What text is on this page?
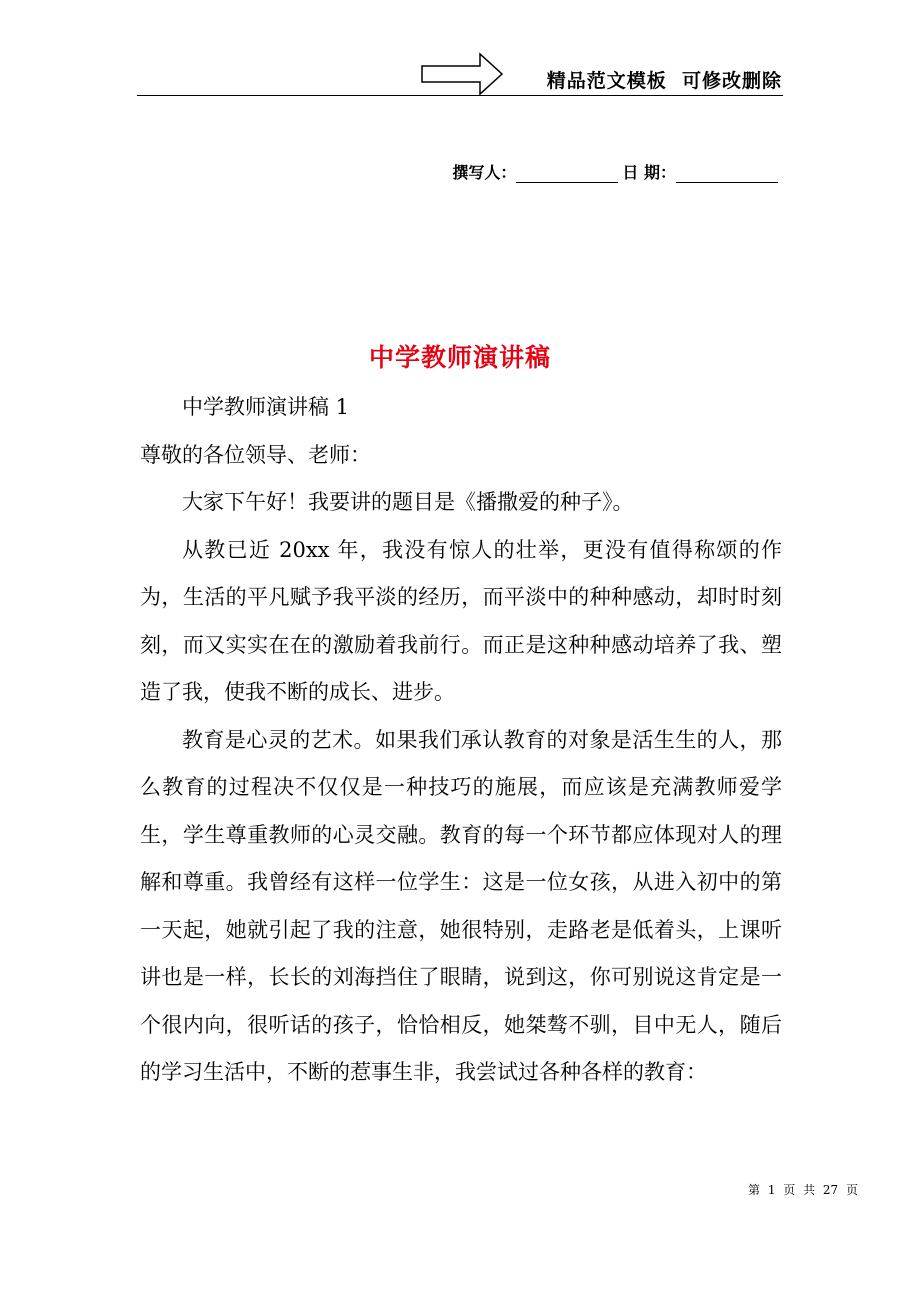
精品范文模板  可修改删除
撰写人：	日 期：
中学教师演讲稿

中学教师演讲稿 1

尊敬的各位领导、老师：

大家下午好！我要讲的题目是《播撒爱的种子》。

从教已近 20xx 年，我没有惊人的壮举，更没有值得称颂的作为，生活的平凡赋予我平淡的经历，而平淡中的种种感动，却时时刻刻，而又实实在在的激励着我前行。而正是这种种感动培养了我、塑造了我，使我不断的成长、进步。

教育是心灵的艺术。如果我们承认教育的对象是活生生的人，那么教育的过程决不仅仅是一种技巧的施展，而应该是充满教师爱学生，学生尊重教师的心灵交融。教育的每一个环节都应体现对人的理解和尊重。我曾经有这样一位学生：这是一位女孩，从进入初中的第一天起，她就引起了我的注意，她很特别，走路老是低着头，上课听讲也是一样，长长的刘海挡住了眼睛，说到这，你可别说这肯定是一个很内向，很听话的孩子，恰恰相反，她桀骜不驯，目中无人，随后的学习生活中，不断的惹事生非，我尝试过各种各样的教育：

第 1 页 共 27 页
